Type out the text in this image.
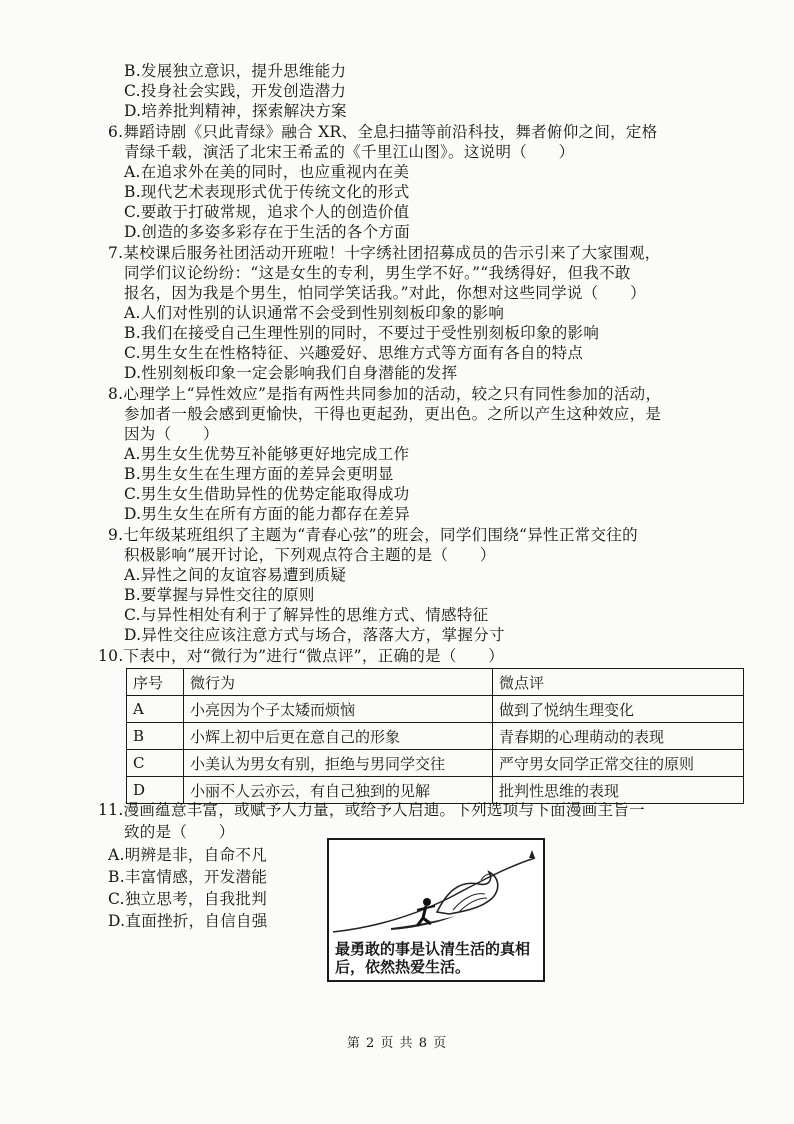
B.发展独立意识，提升思维能力
C.投身社会实践，开发创造潜力
D.培养批判精神，探索解决方案
6.舞蹈诗剧《只此青绿》融合 XR、全息扫描等前沿科技，舞者俯仰之间，定格
青绿千载，演活了北宋王希孟的《千里江山图》。这说明（　　）
A.在追求外在美的同时，也应重视内在美
B.现代艺术表现形式优于传统文化的形式
C.要敢于打破常规，追求个人的创造价值
D.创造的多姿多彩存在于生活的各个方面
7.某校课后服务社团活动开班啦！十字绣社团招募成员的告示引来了大家围观，
同学们议论纷纷：“这是女生的专利，男生学不好。”“我绣得好，但我不敢
报名，因为我是个男生，怕同学笑话我。”对此，你想对这些同学说（　　）
A.人们对性别的认识通常不会受到性别刻板印象的影响
B.我们在接受自己生理性别的同时，不要过于受性别刻板印象的影响
C.男生女生在性格特征、兴趣爱好、思维方式等方面有各自的特点
D.性别刻板印象一定会影响我们自身潜能的发挥
8.心理学上“异性效应”是指有两性共同参加的活动，较之只有同性参加的活动，
参加者一般会感到更愉快，干得也更起劲，更出色。之所以产生这种效应，是
因为（　　）
A.男生女生优势互补能够更好地完成工作
B.男生女生在生理方面的差异会更明显
C.男生女生借助异性的优势定能取得成功
D.男生女生在所有方面的能力都存在差异
9.七年级某班组织了主题为“青春心弦”的班会，同学们围绕“异性正常交往的
积极影响”展开讨论，下列观点符合主题的是（　　）
A.异性之间的友谊容易遭到质疑
B.要掌握与异性交往的原则
C.与异性相处有利于了解异性的思维方式、情感特征
D.异性交往应该注意方式与场合，落落大方，掌握分寸
10.下表中，对“微行为”进行“微点评”，正确的是（　　）
序号	微行为	微点评
A	小亮因为个子太矮而烦恼	做到了悦纳生理变化
B	小辉上初中后更在意自己的形象	青春期的心理萌动的表现
C	小美认为男女有别，拒绝与男同学交往	严守男女同学正常交往的原则
D	小丽不人云亦云，有自己独到的见解	批判性思维的表现
11.漫画蕴意丰富，或赋予人力量，或给予人启迪。下列选项与下面漫画主旨一
致的是（　　）
A.明辨是非，自命不凡
B.丰富情感，开发潜能
C.独立思考，自我批判
D.直面挫折，自信自强
最勇敢的事是认清生活的真相后，依然热爱生活。
第 2 页 共 8 页
